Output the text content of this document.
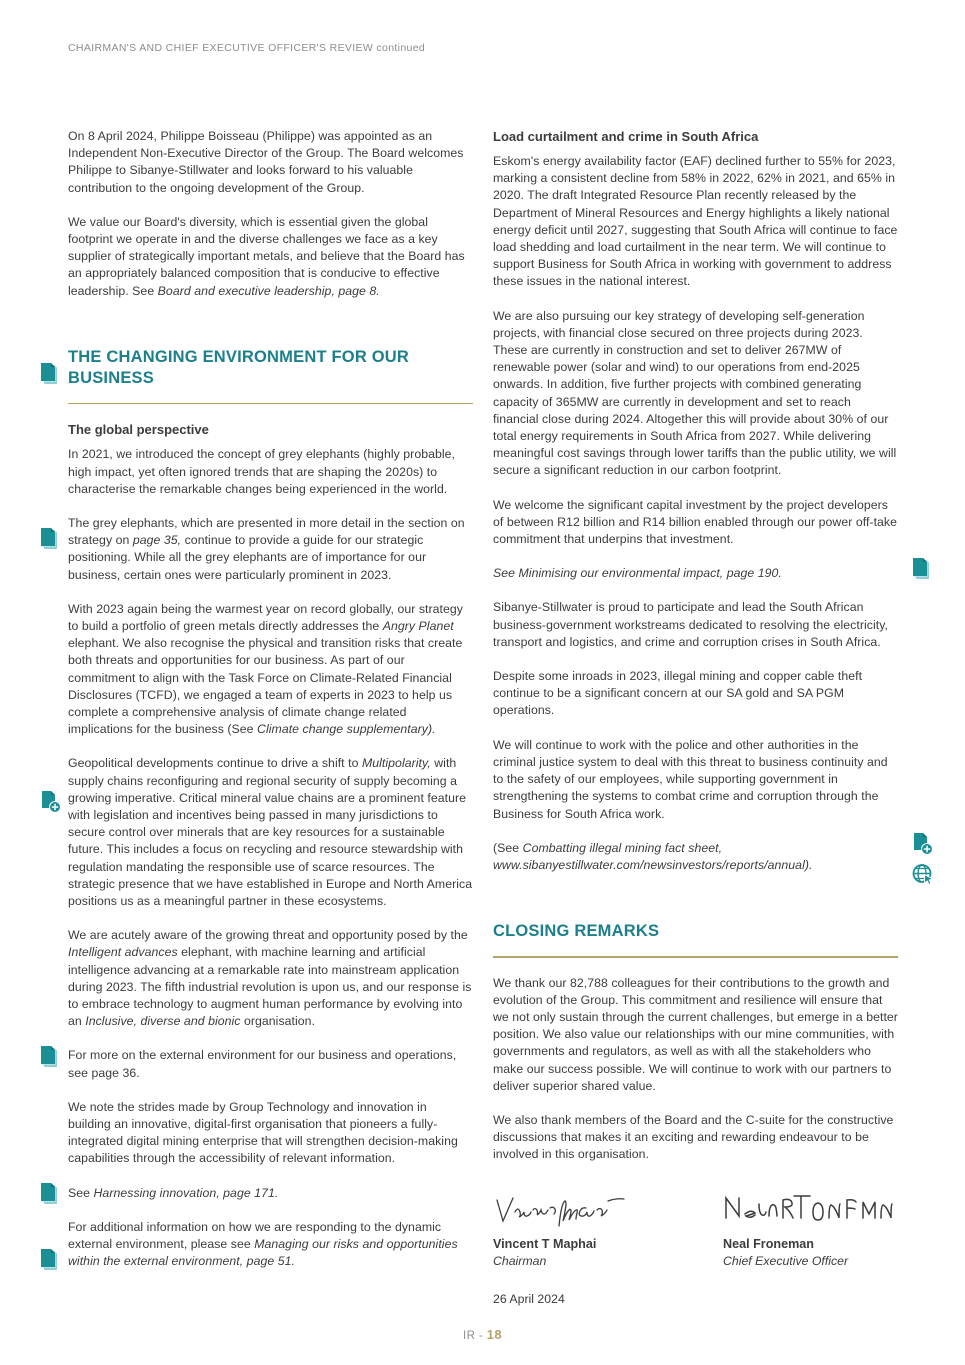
CHAIRMAN'S AND CHIEF EXECUTIVE OFFICER'S REVIEW continued

On 8 April 2024, Philippe Boisseau (Philippe) was appointed as an Independent Non-Executive Director of the Group. The Board welcomes Philippe to Sibanye-Stillwater and looks forward to his valuable contribution to the ongoing development of the Group.

We value our Board's diversity, which is essential given the global footprint we operate in and the diverse challenges we face as a key supplier of strategically important metals, and believe that the Board has an appropriately balanced composition that is conducive to effective leadership. See Board and executive leadership, page 8.

THE CHANGING ENVIRONMENT FOR OUR BUSINESS
The global perspective

In 2021, we introduced the concept of grey elephants (highly probable, high impact, yet often ignored trends that are shaping the 2020s) to characterise the remarkable changes being experienced in the world.

The grey elephants, which are presented in more detail in the section on strategy on page 35, continue to provide a guide for our strategic positioning. While all the grey elephants are of importance for our business, certain ones were particularly prominent in 2023.

With 2023 again being the warmest year on record globally, our strategy to build a portfolio of green metals directly addresses the Angry Planet elephant. We also recognise the physical and transition risks that create both threats and opportunities for our business. As part of our commitment to align with the Task Force on Climate-Related Financial Disclosures (TCFD), we engaged a team of experts in 2023 to help us complete a comprehensive analysis of climate change related implications for the business (See Climate change supplementary).

Geopolitical developments continue to drive a shift to Multipolarity, with supply chains reconfiguring and regional security of supply becoming a growing imperative. Critical mineral value chains are a prominent feature with legislation and incentives being passed in many jurisdictions to secure control over minerals that are key resources for a sustainable future. This includes a focus on recycling and resource stewardship with regulation mandating the responsible use of scarce resources. The strategic presence that we have established in Europe and North America positions us as a meaningful partner in these ecosystems.

We are acutely aware of the growing threat and opportunity posed by the Intelligent advances elephant, with machine learning and artificial intelligence advancing at a remarkable rate into mainstream application during 2023. The fifth industrial revolution is upon us, and our response is to embrace technology to augment human performance by evolving into an Inclusive, diverse and bionic organisation.

For more on the external environment for our business and operations, see page 36.

We note the strides made by Group Technology and innovation in building an innovative, digital-first organisation that pioneers a fully-integrated digital mining enterprise that will strengthen decision-making capabilities through the accessibility of relevant information.

See Harnessing innovation, page 171.

For additional information on how we are responding to the dynamic external environment, please see Managing our risks and opportunities within the external environment, page 51.

Load curtailment and crime in South Africa

Eskom's energy availability factor (EAF) declined further to 55% for 2023, marking a consistent decline from 58% in 2022, 62% in 2021, and 65% in 2020. The draft Integrated Resource Plan recently released by the Department of Mineral Resources and Energy highlights a likely national energy deficit until 2027, suggesting that South Africa will continue to face load shedding and load curtailment in the near term. We will continue to support Business for South Africa in working with government to address these issues in the national interest.

We are also pursuing our key strategy of developing self-generation projects, with financial close secured on three projects during 2023. These are currently in construction and set to deliver 267MW of renewable power (solar and wind) to our operations from end-2025 onwards. In addition, five further projects with combined generating capacity of 365MW are currently in development and set to reach financial close during 2024. Altogether this will provide about 30% of our total energy requirements in South Africa from 2027. While delivering meaningful cost savings through lower tariffs than the public utility, we will secure a significant reduction in our carbon footprint.

We welcome the significant capital investment by the project developers of between R12 billion and R14 billion enabled through our power off-take commitment that underpins that investment.

See Minimising our environmental impact, page 190.

Sibanye-Stillwater is proud to participate and lead the South African business-government workstreams dedicated to resolving the electricity, transport and logistics, and crime and corruption crises in South Africa.

Despite some inroads in 2023, illegal mining and copper cable theft continue to be a significant concern at our SA gold and SA PGM operations.

We will continue to work with the police and other authorities in the criminal justice system to deal with this threat to business continuity and to the safety of our employees, while supporting government in strengthening the systems to combat crime and corruption through the Business for South Africa work.

(See Combatting illegal mining fact sheet, www.sibanyestillwater.com/newsinvestors/reports/annual).

CLOSING REMARKS

We thank our 82,788 colleagues for their contributions to the growth and evolution of the Group. This commitment and resilience will ensure that we not only sustain through the current challenges, but emerge in a better position. We also value our relationships with our mine communities, with governments and regulators, as well as with all the stakeholders who make our success possible. We will continue to work with our partners to deliver superior shared value.

We also thank members of the Board and the C-suite for the constructive discussions that makes it an exciting and rewarding endeavour to be involved in this organisation.

Vincent T Maphai
Chairman
26 April 2024
Neal Froneman
Chief Executive Officer
IR - 18
